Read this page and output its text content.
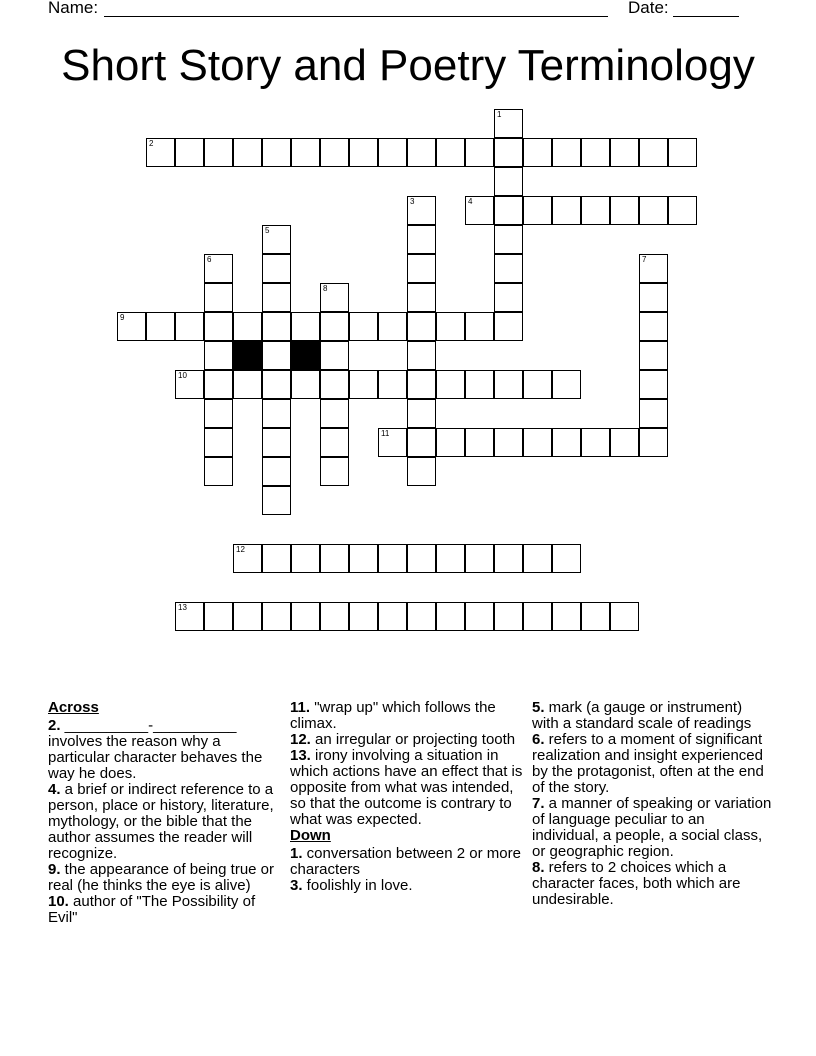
Name:	Date:
Short Story and Poetry Terminology
1
2
3	4
5
6	7
8
9
10
11
12
13
Across
2. __________-__________ involves the reason why a particular character behaves the way he does.
4. a brief or indirect reference to a person, place or history, literature, mythology, or the bible that the author assumes the reader will recognize.
9. the appearance of being true or real (he thinks the eye is alive)
10. author of "The Possibility of Evil"
11. "wrap up" which follows the climax.
12. an irregular or projecting tooth
13. irony involving a situation in which actions have an effect that is opposite from what was intended, so that the outcome is contrary to what was expected.
Down
1. conversation between 2 or more characters
3. foolishly in love.
5. mark (a gauge or instrument) with a standard scale of readings
6. refers to a moment of significant realization and insight experienced by the protagonist, often at the end of the story.
7. a manner of speaking or variation of language peculiar to an individual, a people, a social class, or geographic region.
8. refers to 2 choices which a character faces, both which are undesirable.
